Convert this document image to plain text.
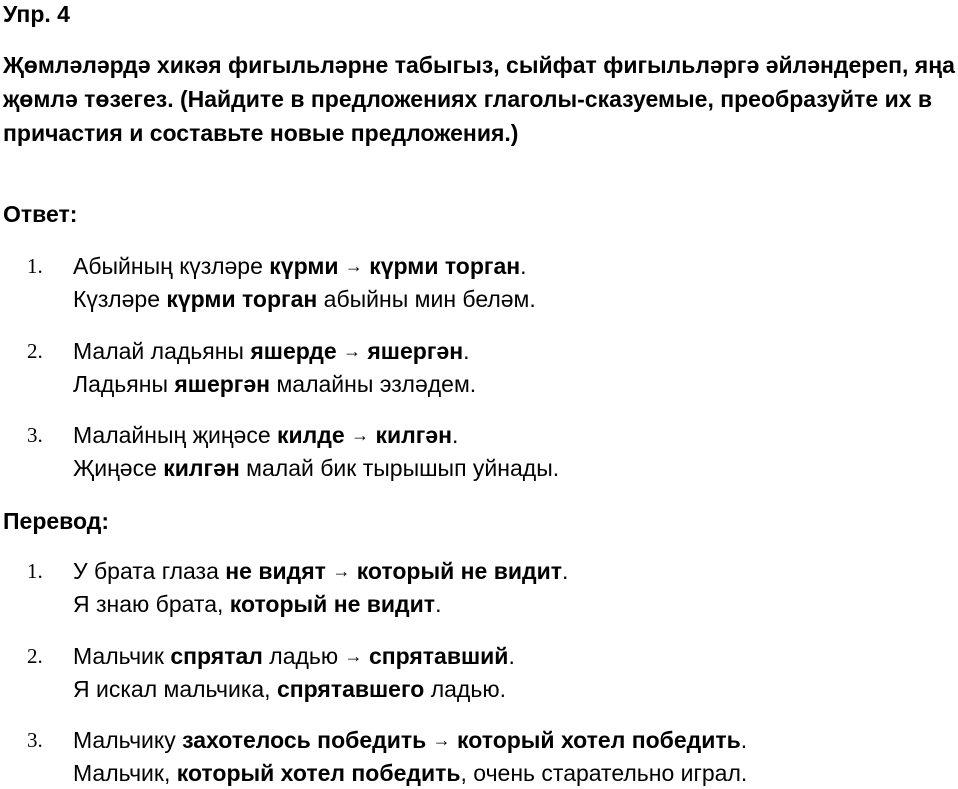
Упр. 4
Җөмләләрдә хикәя фигыльләрне табыгыз, сыйфат фигыльләргә әйләндереп, яңа җөмлә төзегез. (Найдите в предложениях глаголы-сказуемые, преобразуйте их в причастия и составьте новые предложения.)
Ответ:
1. Абыйның күзләре күрми → күрми торган.
Күзләре күрми торган абыйны мин беләм.
2. Малай ладьяны яшерде → яшергән.
Ладьяны яшергән малайны эзләдем.
3. Малайның җиңәсе килде → килгән.
Җиңәсе килгән малай бик тырышып уйнады.
Перевод:
1. У брата глаза не видят → который не видит.
Я знаю брата, который не видит.
2. Мальчик спрятал ладью → спрятавший.
Я искал мальчика, спрятавшего ладью.
3. Мальчику захотелось победить → который хотел победить.
Мальчик, который хотел победить, очень старательно играл.
